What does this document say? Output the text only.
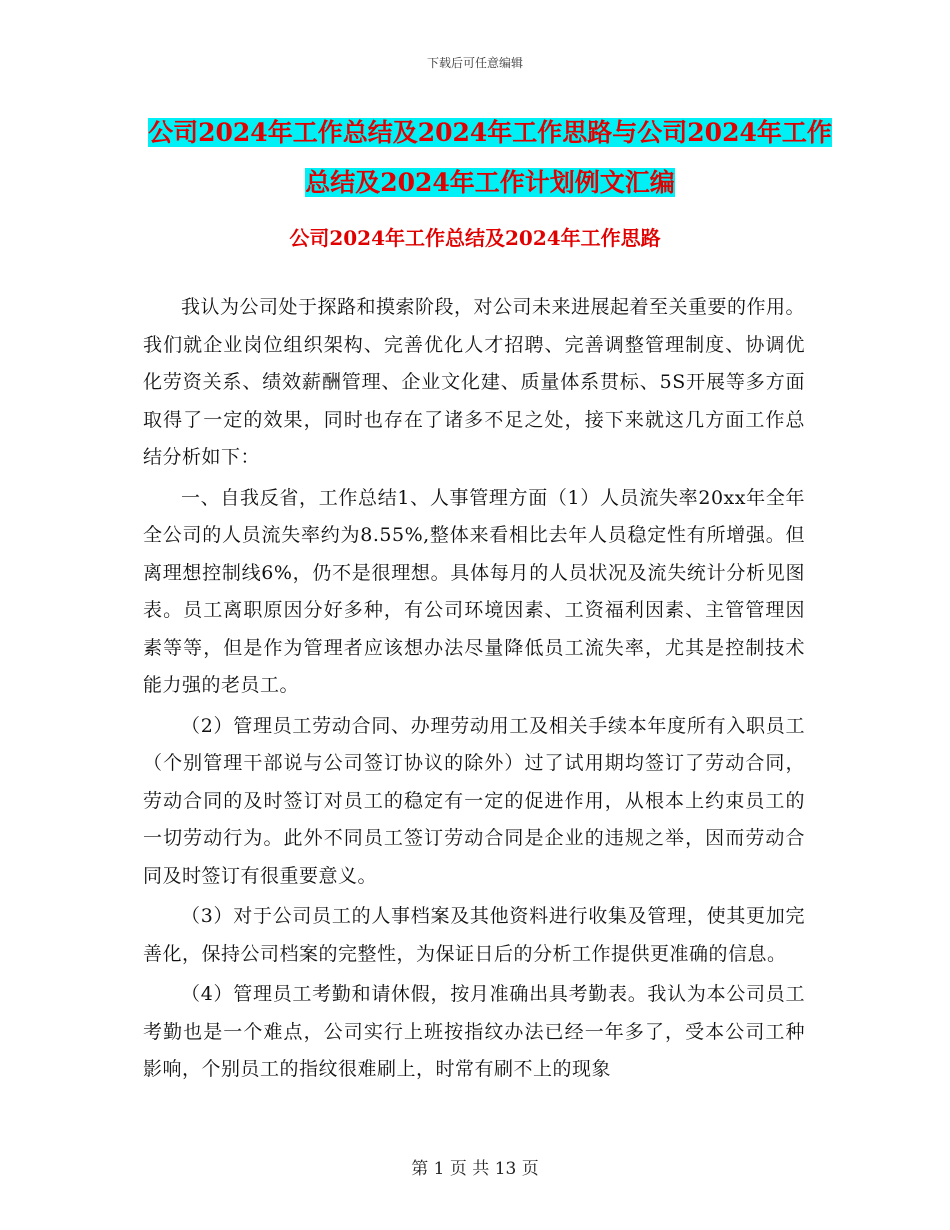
下载后可任意编辑
公司2024年工作总结及2024年工作思路与公司2024年工作总结及2024年工作计划例文汇编
公司2024年工作总结及2024年工作思路

我认为公司处于探路和摸索阶段，对公司未来进展起着至关重要的作用。我们就企业岗位组织架构、完善优化人才招聘、完善调整管理制度、协调优化劳资关系、绩效薪酬管理、企业文化建、质量体系贯标、5S开展等多方面取得了一定的效果，同时也存在了诸多不足之处，接下来就这几方面工作总结分析如下：

一、自我反省，工作总结1、人事管理方面（1）人员流失率20xx年全年全公司的人员流失率约为8.55%,整体来看相比去年人员稳定性有所增强。但离理想控制线6%，仍不是很理想。具体每月的人员状况及流失统计分析见图表。员工离职原因分好多种，有公司环境因素、工资福利因素、主管管理因素等等，但是作为管理者应该想办法尽量降低员工流失率，尤其是控制技术能力强的老员工。

（2）管理员工劳动合同、办理劳动用工及相关手续本年度所有入职员工（个别管理干部说与公司签订协议的除外）过了试用期均签订了劳动合同，劳动合同的及时签订对员工的稳定有一定的促进作用，从根本上约束员工的一切劳动行为。此外不同员工签订劳动合同是企业的违规之举，因而劳动合同及时签订有很重要意义。

（3）对于公司员工的人事档案及其他资料进行收集及管理，使其更加完善化，保持公司档案的完整性，为保证日后的分析工作提供更准确的信息。

（4）管理员工考勤和请休假，按月准确出具考勤表。我认为本公司员工考勤也是一个难点，公司实行上班按指纹办法已经一年多了，受本公司工种影响，个别员工的指纹很难刷上，时常有刷不上的现象

第 1 页 共 13 页
